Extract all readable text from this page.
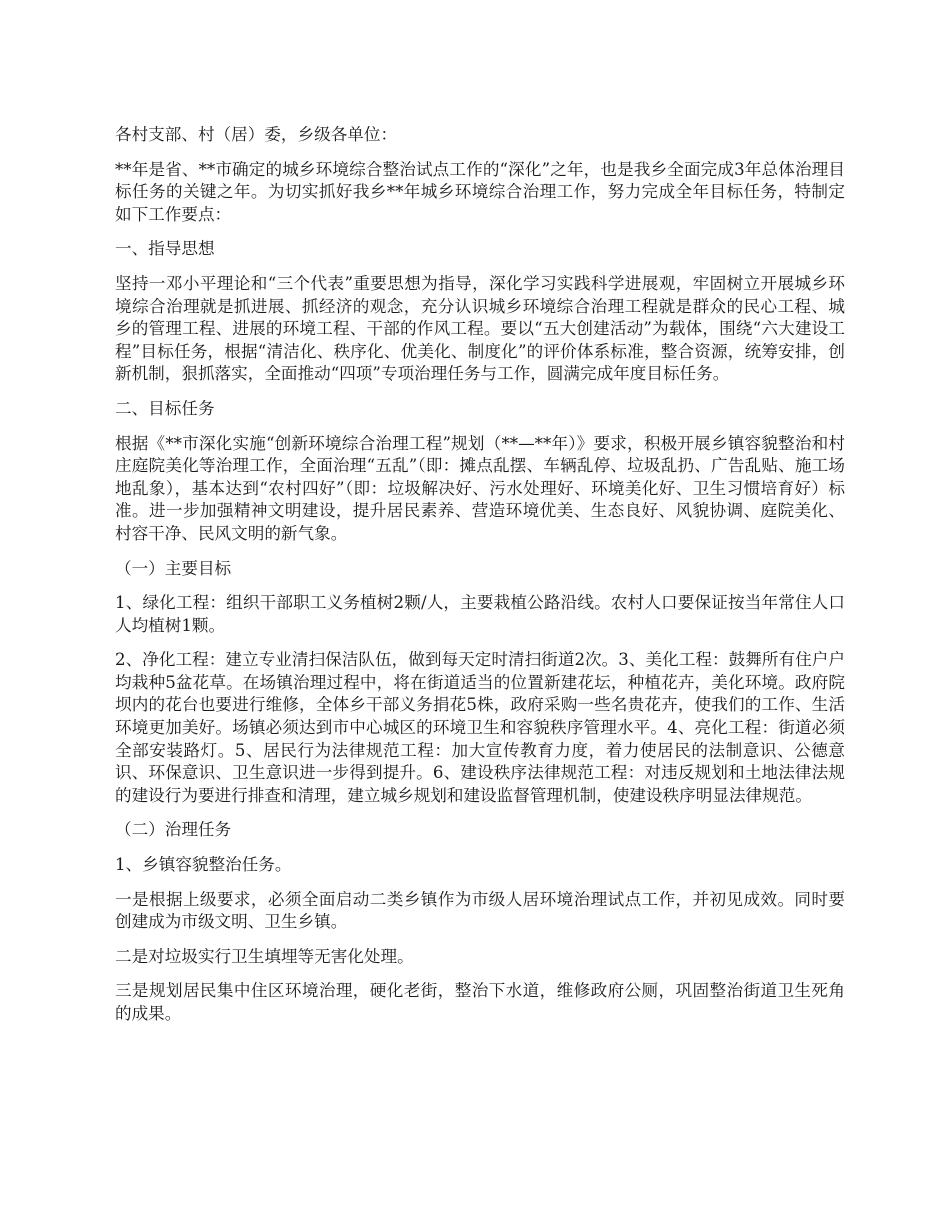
各村支部、村（居）委，乡级各单位：

**年是省、**市确定的城乡环境综合整治试点工作的“深化”之年，也是我乡全面完成3年总体治理目标任务的关键之年。为切实抓好我乡**年城乡环境综合治理工作，努力完成全年目标任务，特制定如下工作要点：

一、指导思想

坚持一邓小平理论和“三个代表”重要思想为指导，深化学习实践科学进展观，牢固树立开展城乡环境综合治理就是抓进展、抓经济的观念，充分认识城乡环境综合治理工程就是群众的民心工程、城乡的管理工程、进展的环境工程、干部的作风工程。要以“五大创建活动”为载体，围绕“六大建设工程”目标任务，根据“清洁化、秩序化、优美化、制度化”的评价体系标准，整合资源，统筹安排，创新机制，狠抓落实，全面推动“四项”专项治理任务与工作，圆满完成年度目标任务。

二、目标任务

根据《**市深化实施“创新环境综合治理工程”规划（**—**年）》要求，积极开展乡镇容貌整治和村庄庭院美化等治理工作，全面治理“五乱”（即：摊点乱摆、车辆乱停、垃圾乱扔、广告乱贴、施工场地乱象），基本达到“农村四好”（即：垃圾解决好、污水处理好、环境美化好、卫生习惯培育好）标准。进一步加强精神文明建设，提升居民素养、营造环境优美、生态良好、风貌协调、庭院美化、村容干净、民风文明的新气象。

（一）主要目标

1、绿化工程：组织干部职工义务植树2颗/人，主要栽植公路沿线。农村人口要保证按当年常住人口人均植树1颗。

2、净化工程：建立专业清扫保洁队伍，做到每天定时清扫街道2次。3、美化工程：鼓舞所有住户户均栽种5盆花草。在场镇治理过程中，将在街道适当的位置新建花坛，种植花卉，美化环境。政府院坝内的花台也要进行维修，全体乡干部义务捐花5株，政府采购一些名贵花卉，使我们的工作、生活环境更加美好。场镇必须达到市中心城区的环境卫生和容貌秩序管理水平。4、亮化工程：街道必须全部安装路灯。5、居民行为法律规范工程：加大宣传教育力度，着力使居民的法制意识、公德意识、环保意识、卫生意识进一步得到提升。6、建设秩序法律规范工程：对违反规划和土地法律法规的建设行为要进行排查和清理，建立城乡规划和建设监督管理机制，使建设秩序明显法律规范。

（二）治理任务

1、乡镇容貌整治任务。

一是根据上级要求，必须全面启动二类乡镇作为市级人居环境治理试点工作，并初见成效。同时要创建成为市级文明、卫生乡镇。

二是对垃圾实行卫生填埋等无害化处理。

三是规划居民集中住区环境治理，硬化老街，整治下水道，维修政府公厕，巩固整治街道卫生死角的成果。
